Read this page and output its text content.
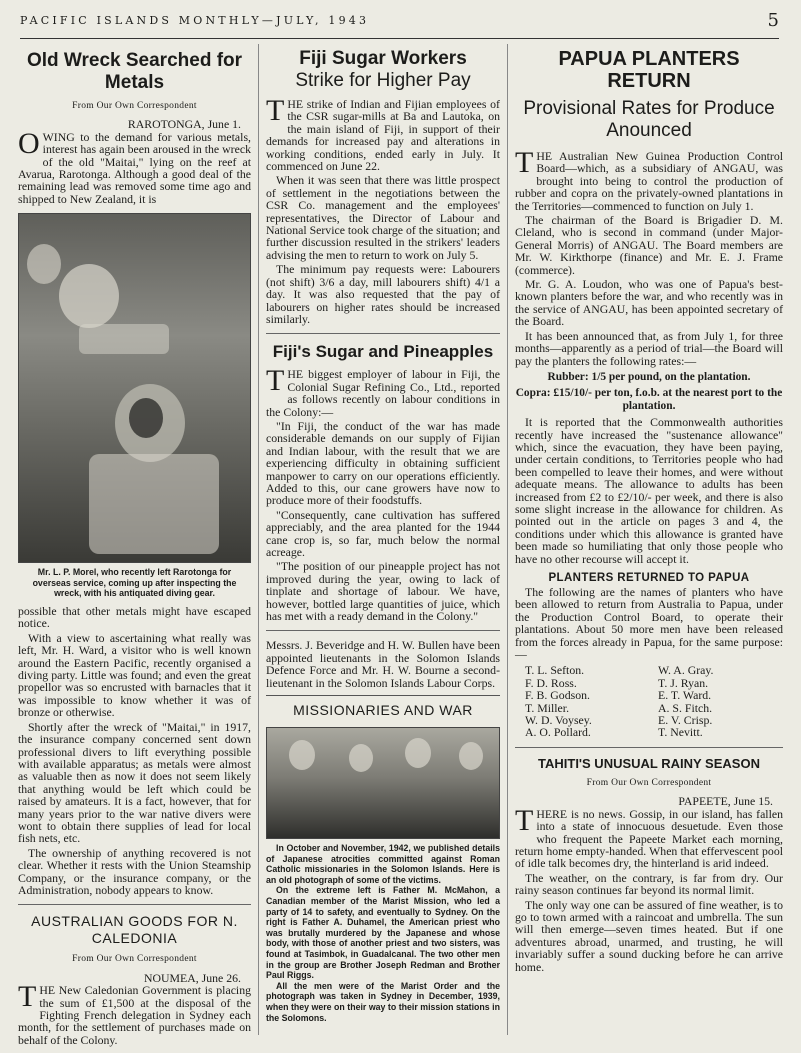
PACIFIC ISLANDS MONTHLY—JULY, 1943	5
Old Wreck Searched for Metals
From Our Own Correspondent
RAROTONGA, June 1.

OWING to the demand for various metals, interest has again been aroused in the wreck of the old "Maitai," lying on the reef at Avarua, Rarotonga. Although a good deal of the remaining lead was removed some time ago and shipped to New Zealand, it is

Mr. L. P. Morel, who recently left Rarotonga for overseas service, coming up after inspecting the wreck, with his antiquated diving gear.

possible that other metals might have escaped notice.

With a view to ascertaining what really was left, Mr. H. Ward, a visitor who is well known around the Eastern Pacific, recently organised a diving party. Little was found; and even the great propellor was so encrusted with barnacles that it was impossible to know whether it was of bronze or otherwise.

Shortly after the wreck of "Maitai," in 1917, the insurance company concerned sent down professional divers to lift everything possible with available apparatus; as metals were almost as valuable then as now it does not seem likely that anything would be left which could be raised by amateurs. It is a fact, however, that for many years prior to the war native divers were wont to obtain there supplies of lead for local fish nets, etc.

The ownership of anything recovered is not clear. Whether it rests with the Union Steamship Company, or the insurance company, or the Administration, nobody appears to know.

AUSTRALIAN GOODS FOR N. CALEDONIA
From Our Own Correspondent
NOUMEA, June 26.

THE New Caledonian Government is placing the sum of £1,500 at the disposal of the Fighting French delegation in Sydney each month, for the settlement of purchases made on behalf of the Colony.

Fiji Sugar Workers
Strike for Higher Pay

THE strike of Indian and Fijian employees of the CSR sugar-mills at Ba and Lautoka, on the main island of Fiji, in support of their demands for increased pay and alterations in working conditions, ended early in July. It commenced on June 22.

When it was seen that there was little prospect of settlement in the negotiations between the CSR Co. management and the employees' representatives, the Director of Labour and National Service took charge of the situation; and further discussion resulted in the strikers' leaders advising the men to return to work on July 5.

The minimum pay requests were: Labourers (not shift) 3/6 a day, mill labourers shift) 4/1 a day. It was also requested that the pay of labourers on higher rates should be increased similarly.

Fiji's Sugar and Pineapples

THE biggest employer of labour in Fiji, the Colonial Sugar Refining Co., Ltd., reported as follows recently on labour conditions in the Colony:—

"In Fiji, the conduct of the war has made considerable demands on our supply of Fijian and Indian labour, with the result that we are experiencing difficulty in obtaining sufficient manpower to carry on our operations efficiently. Added to this, our cane growers have now to produce more of their foodstuffs.

"Consequently, cane cultivation has suffered appreciably, and the area planted for the 1944 cane crop is, so far, much below the normal acreage.

"The position of our pineapple project has not improved during the year, owing to lack of tinplate and shortage of labour. We have, however, bottled large quantities of juice, which has met with a ready demand in the Colony."

Messrs. J. Beveridge and H. W. Bullen have been appointed lieutenants in the Solomon Islands Defence Force and Mr. H. W. Bourne a second-lieutenant in the Solomon Islands Labour Corps.

MISSIONARIES AND WAR

In October and November, 1942, we published details of Japanese atrocities committed against Roman Catholic missionaries in the Solomon Islands. Here is an old photograph of some of the victims.

On the extreme left is Father M. McMahon, a Canadian member of the Marist Mission, who led a party of 14 to safety, and eventually to Sydney. On the right is Father A. Duhamel, the American priest who was brutally murdered by the Japanese and whose body, with those of another priest and two sisters, was found at Tasimbok, in Guadalcanal. The two other men in the group are Brother Joseph Redman and Brother Paul Riggs.

All the men were of the Marist Order and the photograph was taken in Sydney in December, 1939, when they were on their way to their mission stations in the Solomons.

PAPUA PLANTERS RETURN
Provisional Rates for Produce Anounced

THE Australian New Guinea Production Control Board—which, as a subsidiary of ANGAU, was brought into being to control the production of rubber and copra on the privately-owned plantations in the Territories—commenced to function on July 1.

The chairman of the Board is Brigadier D. M. Cleland, who is second in command (under Major-General Morris) of ANGAU. The Board members are Mr. W. Kirkthorpe (finance) and Mr. E. J. Frame (commerce).

Mr. G. A. Loudon, who was one of Papua's best-known planters before the war, and who recently was in the service of ANGAU, has been appointed secretary of the Board.

It has been announced that, as from July 1, for three months—apparently as a period of trial—the Board will pay the planters the following rates:—

Rubber: 1/5 per pound, on the plantation.
Copra: £15/10/- per ton, f.o.b. at the nearest port to the plantation.

It is reported that the Commonwealth authorities recently have increased the "sustenance allowance" which, since the evacuation, they have been paying, under certain conditions, to Territories people who had been compelled to leave their homes, and were without adequate means. The allowance to adults has been increased from £2 to £2/10/- per week, and there is also some slight increase in the allowance for children. As pointed out in the article on pages 3 and 4, the conditions under which this allowance is granted have been made so humiliating that only those people who have no other recourse will accept it.

PLANTERS RETURNED TO PAPUA

The following are the names of planters who have been allowed to return from Australia to Papua, under the Production Control Board, to operate their plantations. About 50 more men have been released from the forces already in Papua, for the same purpose:—

T. L. Sefton.	W. A. Gray.
F. D. Ross.	T. J. Ryan.
F. B. Godson.	E. T. Ward.
T. Miller.	A. S. Fitch.
W. D. Voysey.	E. V. Crisp.
A. O. Pollard.	T. Nevitt.
TAHITI'S UNUSUAL RAINY SEASON
From Our Own Correspondent
PAPEETE, June 15.

THERE is no news. Gossip, in our island, has fallen into a state of innocuous desuetude. Even those who frequent the Papeete Market each morning, return home empty-handed. When that effervescent pool of idle talk becomes dry, the hinterland is arid indeed.

The weather, on the contrary, is far from dry. Our rainy season continues far beyond its normal limit.

The only way one can be assured of fine weather, is to go to town armed with a raincoat and umbrella. The sun will then emerge—seven times heated. But if one adventures abroad, unarmed, and trusting, he will invariably suffer a sound ducking before he can arrive home.
